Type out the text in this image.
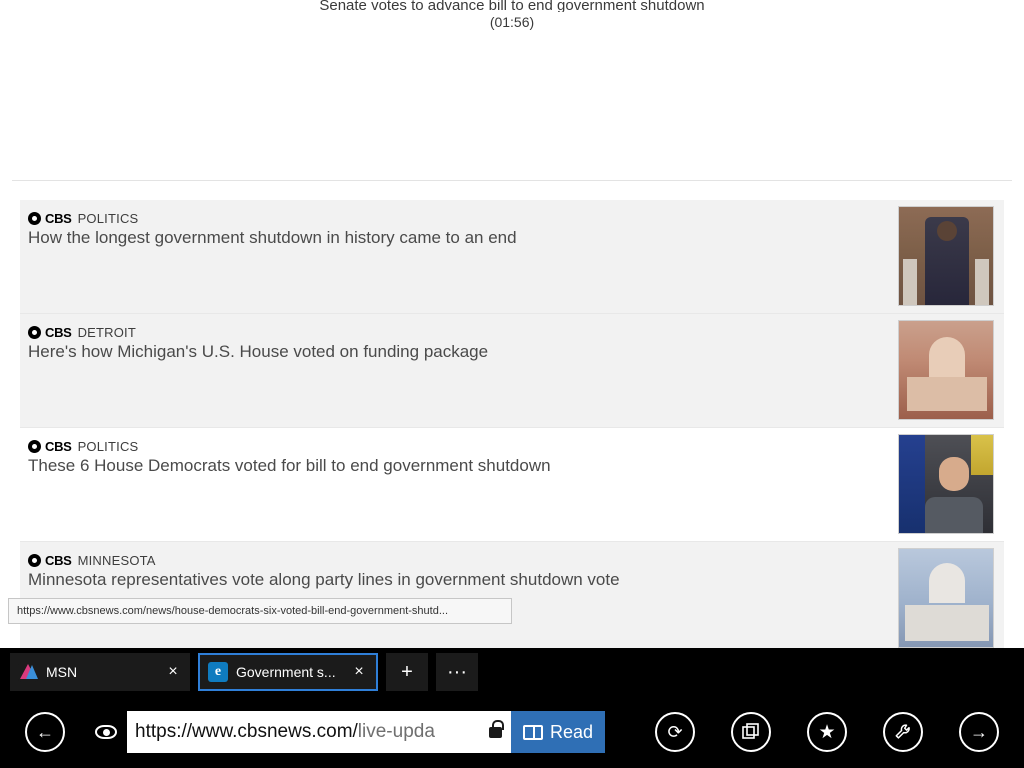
Senate votes to advance bill to end government shutdown
(01:56)
CBS POLITICS
How the longest government shutdown in history came to an end
CBS DETROIT
Here's how Michigan's U.S. House voted on funding package
CBS POLITICS
These 6 House Democrats voted for bill to end government shutdown
CBS MINNESOTA
Minnesota representatives vote along party lines in government shutdown vote
https://www.cbsnews.com/news/house-democrats-six-voted-bill-end-government-shutd...
MSN	×	e	Government s...	×	+	···
←	https://www.cbsnews.com/live-upda	Read	⟳	★	→
